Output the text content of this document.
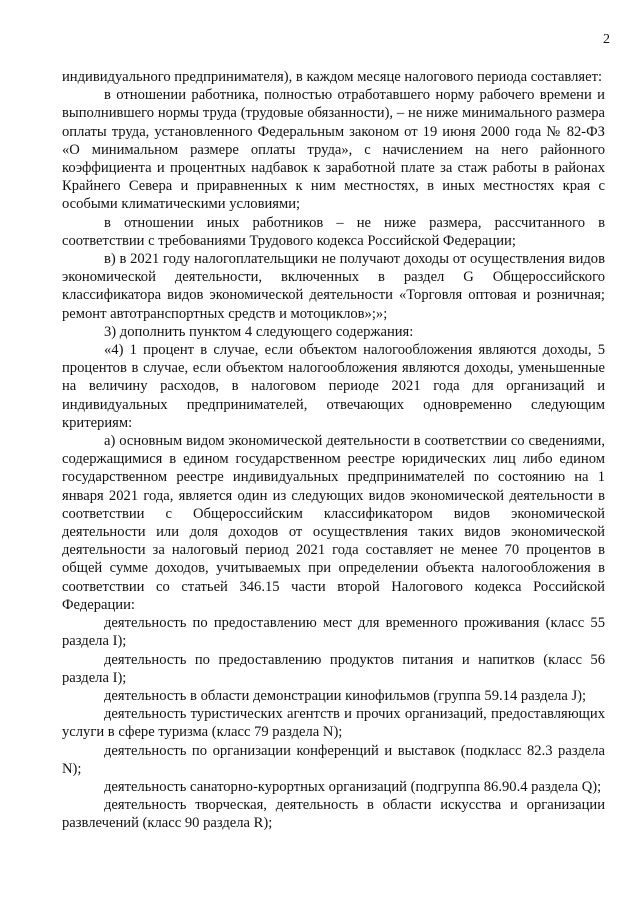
2

индивидуального предпринимателя), в каждом месяце налогового периода составляет:

в отношении работника, полностью отработавшего норму рабочего времени и выполнившего нормы труда (трудовые обязанности), – не ниже минимального размера оплаты труда, установленного Федеральным законом от 19 июня 2000 года № 82-ФЗ «О минимальном размере оплаты труда», с начислением на него районного коэффициента и процентных надбавок к заработной плате за стаж работы в районах Крайнего Севера и приравненных к ним местностях, в иных местностях края с особыми климатическими условиями;

в отношении иных работников – не ниже размера, рассчитанного в соответствии с требованиями Трудового кодекса Российской Федерации;

в) в 2021 году налогоплательщики не получают доходы от осуществления видов экономической деятельности, включенных в раздел G Общероссийского классификатора видов экономической деятельности «Торговля оптовая и розничная; ремонт автотранспортных средств и мотоциклов»;»;

3) дополнить пунктом 4 следующего содержания:

«4) 1 процент в случае, если объектом налогообложения являются доходы, 5 процентов в случае, если объектом налогообложения являются доходы, уменьшенные на величину расходов, в налоговом периоде 2021 года для организаций и индивидуальных предпринимателей, отвечающих одновременно следующим критериям:

а) основным видом экономической деятельности в соответствии со сведениями, содержащимися в едином государственном реестре юридических лиц либо едином государственном реестре индивидуальных предпринимателей по состоянию на 1 января 2021 года, является один из следующих видов экономической деятельности в соответствии с Общероссийским классификатором видов экономической деятельности или доля доходов от осуществления таких видов экономической деятельности за налоговый период 2021 года составляет не менее 70 процентов в общей сумме доходов, учитываемых при определении объекта налогообложения в соответствии со статьей 346.15 части второй Налогового кодекса Российской Федерации:

деятельность по предоставлению мест для временного проживания (класс 55 раздела I);

деятельность по предоставлению продуктов питания и напитков (класс 56 раздела I);

деятельность в области демонстрации кинофильмов (группа 59.14 раздела J);

деятельность туристических агентств и прочих организаций, предоставляющих услуги в сфере туризма (класс 79 раздела N);

деятельность по организации конференций и выставок (подкласс 82.3 раздела N);

деятельность санаторно-курортных организаций (подгруппа 86.90.4 раздела Q);

деятельность творческая, деятельность в области искусства и организации развлечений (класс 90 раздела R);
